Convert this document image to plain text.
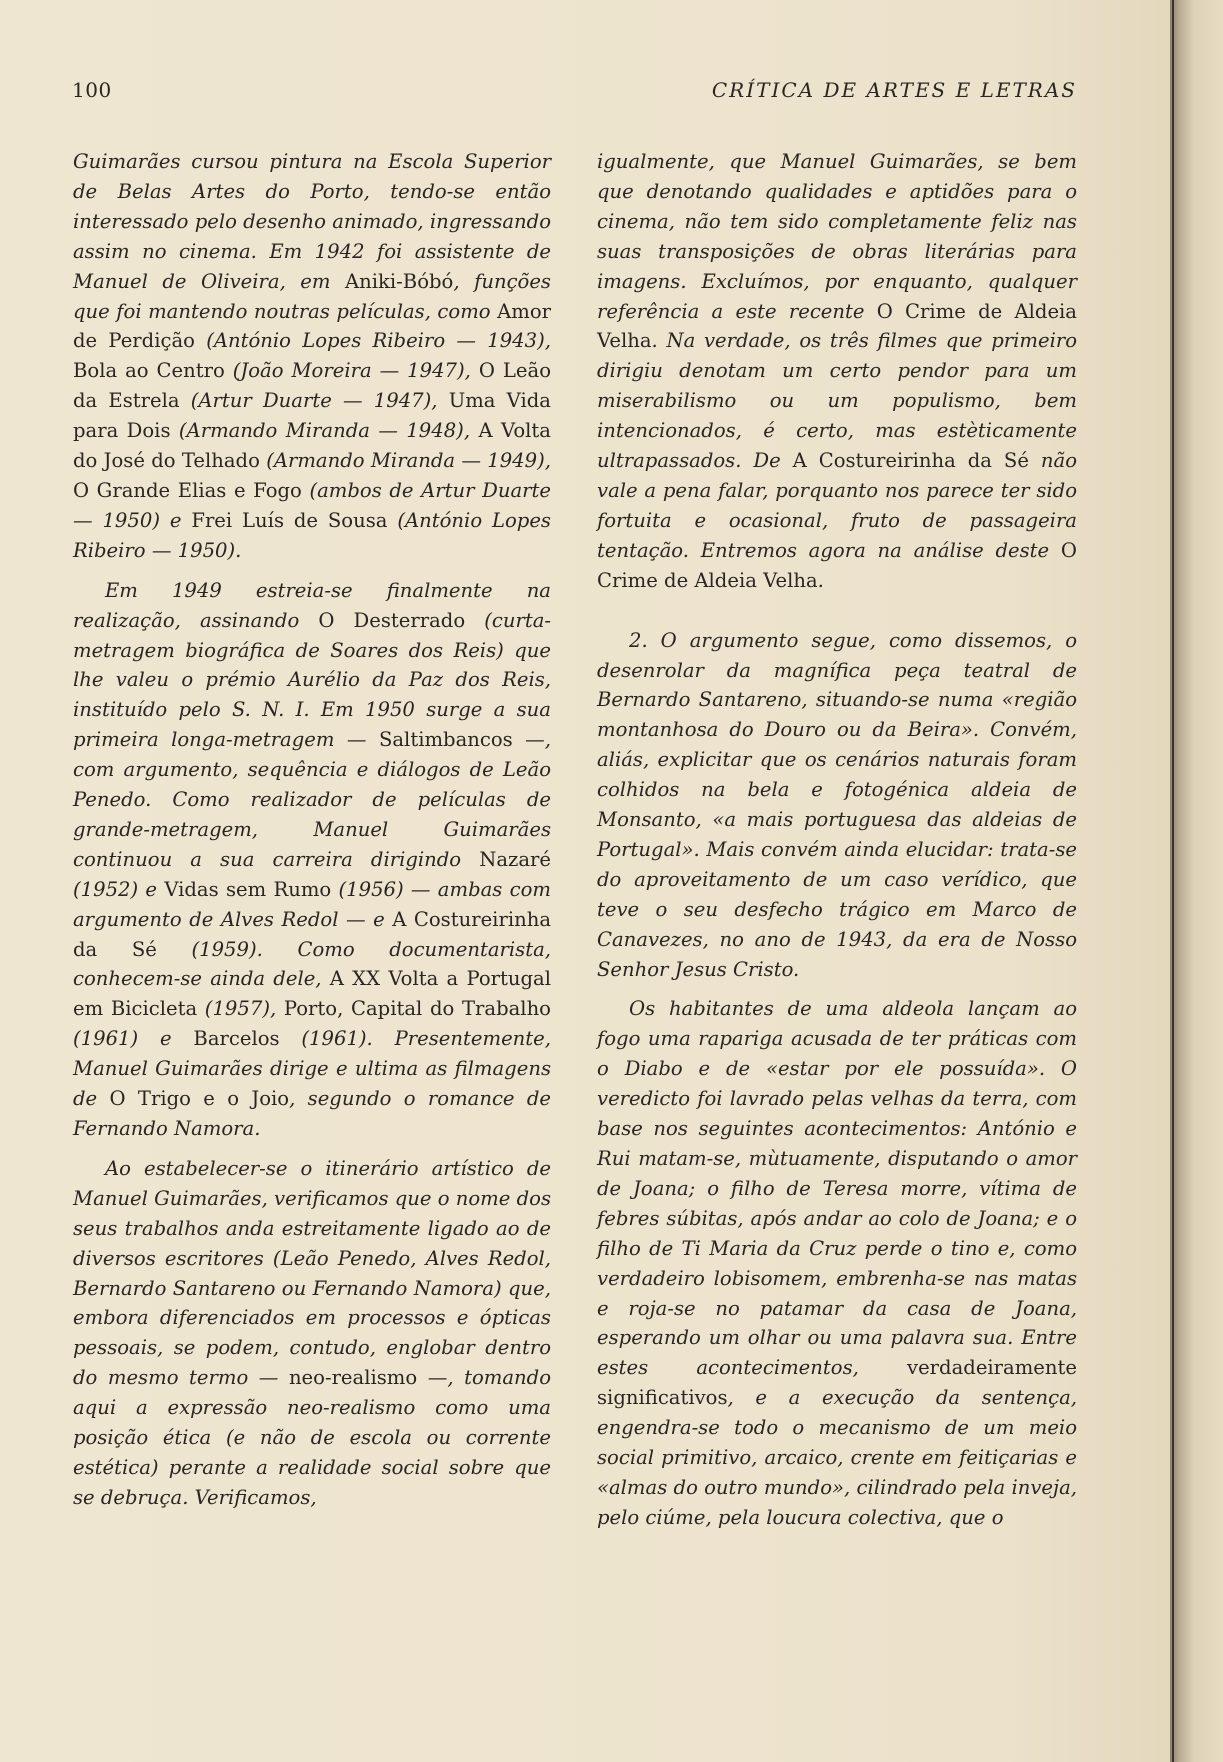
100	CRÍTICA DE ARTES E LETRAS

Guimarães cursou pintura na Escola Superior de Belas Artes do Porto, tendo-se então interessado pelo desenho animado, ingressando assim no cinema. Em 1942 foi assistente de Manuel de Oliveira, em Aniki-Bóbó, funções que foi mantendo noutras películas, como Amor de Perdição (António Lopes Ribeiro — 1943), Bola ao Centro (João Moreira — 1947), O Leão da Estrela (Artur Duarte — 1947), Uma Vida para Dois (Armando Miranda — 1948), A Volta do José do Telhado (Armando Miranda — 1949), O Grande Elias e Fogo (ambos de Artur Duarte — 1950) e Frei Luís de Sousa (António Lopes Ribeiro — 1950).

Em 1949 estreia-se finalmente na realização, assinando O Desterrado (curta-metragem biográfica de Soares dos Reis) que lhe valeu o prémio Aurélio da Paz dos Reis, instituído pelo S. N. I. Em 1950 surge a sua primeira longa-metragem — Saltimbancos —, com argumento, sequência e diálogos de Leão Penedo. Como realizador de películas de grande-metragem, Manuel Guimarães continuou a sua carreira dirigindo Nazaré (1952) e Vidas sem Rumo (1956) — ambas com argumento de Alves Redol — e A Costureirinha da Sé (1959). Como documentarista, conhecem-se ainda dele, A XX Volta a Portugal em Bicicleta (1957), Porto, Capital do Trabalho (1961) e Barcelos (1961). Presentemente, Manuel Guimarães dirige e ultima as filmagens de O Trigo e o Joio, segundo o romance de Fernando Namora.

Ao estabelecer-se o itinerário artístico de Manuel Guimarães, verificamos que o nome dos seus trabalhos anda estreitamente ligado ao de diversos escritores (Leão Penedo, Alves Redol, Bernardo Santareno ou Fernando Namora) que, embora diferenciados em processos e ópticas pessoais, se podem, contudo, englobar dentro do mesmo termo — neo-realismo —, tomando aqui a expressão neo-realismo como uma posição ética (e não de escola ou corrente estética) perante a realidade social sobre que se debruça. Verificamos,

igualmente, que Manuel Guimarães, se bem que denotando qualidades e aptidões para o cinema, não tem sido completamente feliz nas suas transposições de obras literárias para imagens. Excluímos, por enquanto, qualquer referência a este recente O Crime de Aldeia Velha. Na verdade, os três filmes que primeiro dirigiu denotam um certo pendor para um miserabilismo ou um populismo, bem intencionados, é certo, mas estèticamente ultrapassados. De A Costureirinha da Sé não vale a pena falar, porquanto nos parece ter sido fortuita e ocasional, fruto de passageira tentação. Entremos agora na análise deste O Crime de Aldeia Velha.

2. O argumento segue, como dissemos, o desenrolar da magnífica peça teatral de Bernardo Santareno, situando-se numa «região montanhosa do Douro ou da Beira». Convém, aliás, explicitar que os cenários naturais foram colhidos na bela e fotogénica aldeia de Monsanto, «a mais portuguesa das aldeias de Portugal». Mais convém ainda elucidar: trata-se do aproveitamento de um caso verídico, que teve o seu desfecho trágico em Marco de Canavezes, no ano de 1943, da era de Nosso Senhor Jesus Cristo.

Os habitantes de uma aldeola lançam ao fogo uma rapariga acusada de ter práticas com o Diabo e de «estar por ele possuída». O veredicto foi lavrado pelas velhas da terra, com base nos seguintes acontecimentos: António e Rui matam-se, mùtuamente, disputando o amor de Joana; o filho de Teresa morre, vítima de febres súbitas, após andar ao colo de Joana; e o filho de Ti Maria da Cruz perde o tino e, como verdadeiro lobisomem, embrenha-se nas matas e roja-se no patamar da casa de Joana, esperando um olhar ou uma palavra sua. Entre estes acontecimentos, verdadeiramente significativos, e a execução da sentença, engendra-se todo o mecanismo de um meio social primitivo, arcaico, crente em feitiçarias e «almas do outro mundo», cilindrado pela inveja, pelo ciúme, pela loucura colectiva, que o
